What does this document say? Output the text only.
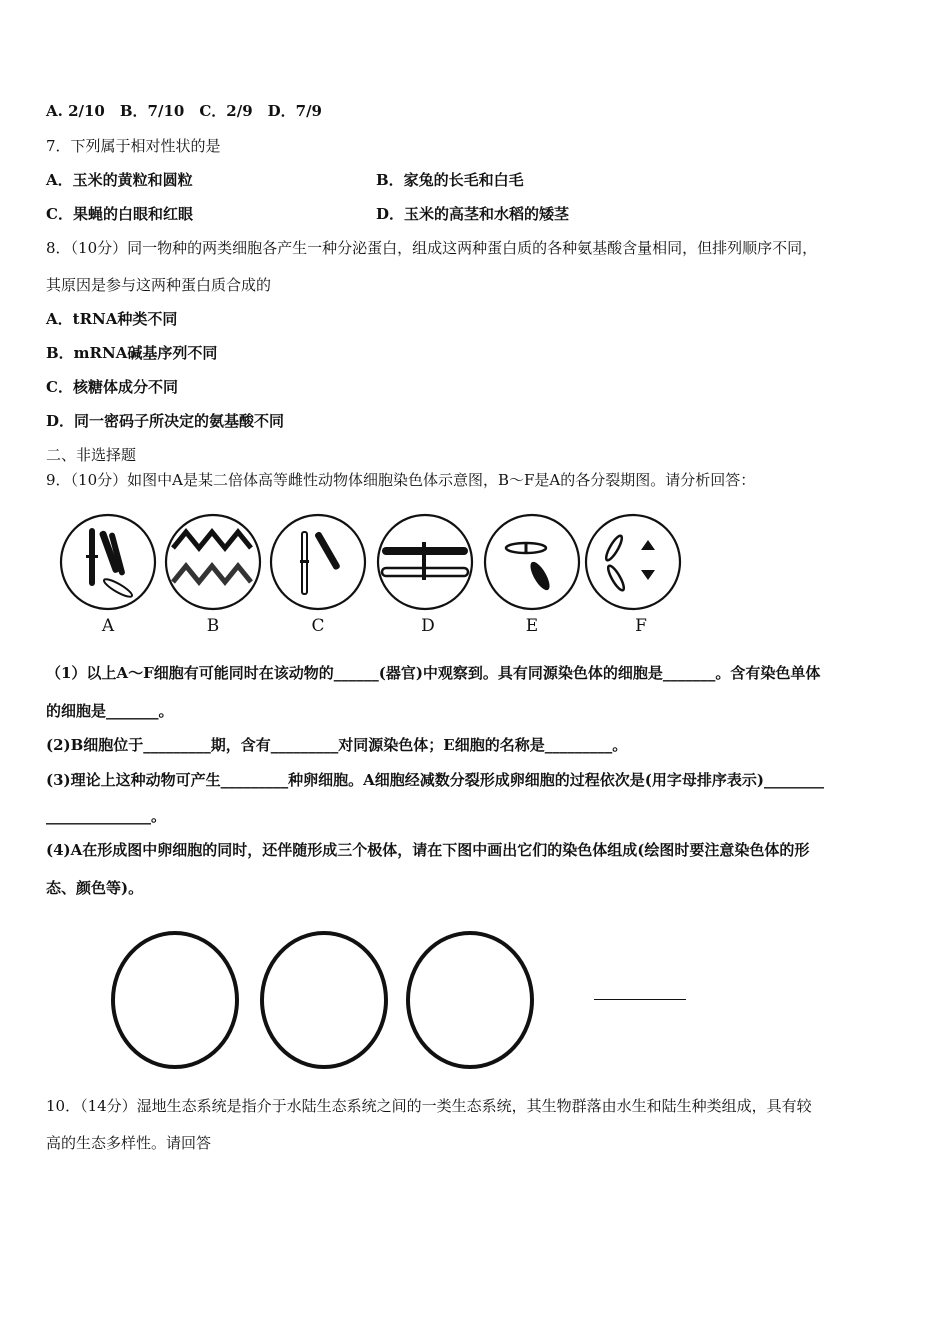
A. 2/10　B．7/10　C．2/9　D．7/9
7．下列属于相对性状的是
A．玉米的黄粒和圆粒	B．家兔的长毛和白毛
C．果蝇的白眼和红眼	D．玉米的高茎和水稻的矮茎
8．（10分）同一物种的两类细胞各产生一种分泌蛋白，组成这两种蛋白质的各种氨基酸含量相同，但排列顺序不同，
其原因是参与这两种蛋白质合成的
A．tRNA种类不同
B．mRNA碱基序列不同
C．核糖体成分不同
D．同一密码子所决定的氨基酸不同
二、非选择题
9．（10分）如图中A是某二倍体高等雌性动物体细胞染色体示意图，B～F是A的各分裂期图。请分析回答：
A	B	C	D	E	F
（1）以上A～F细胞有可能同时在该动物的______(器官)中观察到。具有同源染色体的细胞是_______。含有染色单体
的细胞是_______。
(2)B细胞位于_________期，含有_________对同源染色体；E细胞的名称是_________。
(3)理论上这种动物可产生_________种卵细胞。A细胞经减数分裂形成卵细胞的过程依次是(用字母排序表示)________
______________。
(4)A在形成图中卵细胞的同时，还伴随形成三个极体，请在下图中画出它们的染色体组成(绘图时要注意染色体的形
态、颜色等)。
10．（14分）湿地生态系统是指介于水陆生态系统之间的一类生态系统，其生物群落由水生和陆生种类组成，具有较
高的生态多样性。请回答
